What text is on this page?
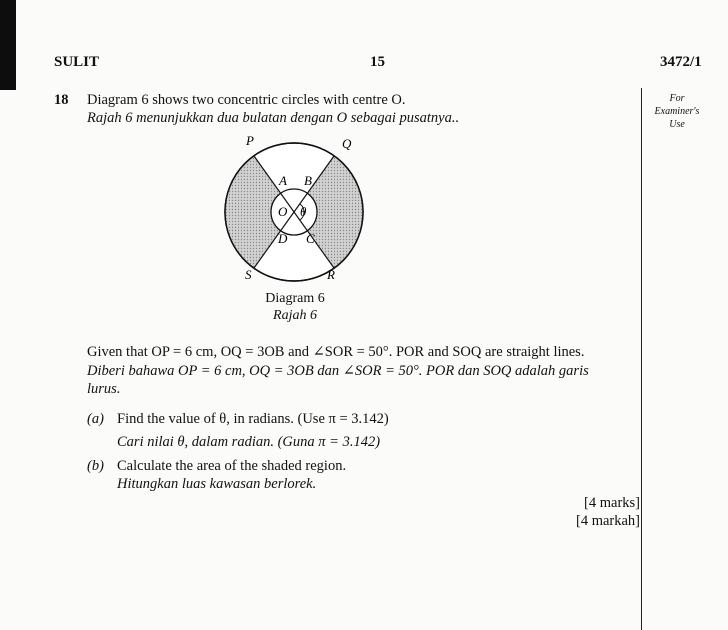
SULIT	15	3472/1
For
Examiner's
Use
18 Diagram 6 shows two concentric circles with centre O.
Rajah 6 menunjukkan dua bulatan dengan O sebagai pusatnya..
P	Q
R
S
A B
C
D
O θ
Diagram 6
Rajah 6
Given that OP = 6 cm, OQ = 3OB and ∠SOR = 50°. POR and SOQ are straight lines.
Diberi bahawa OP = 6 cm, OQ = 3OB dan ∠SOR = 50°. POR dan SOQ adalah garis
lurus.
(a) Find the value of θ, in radians. (Use π = 3.142)
Cari nilai θ, dalam radian. (Guna π = 3.142)
(b) Calculate the area of the shaded region.
Hitungkan luas kawasan berlorek.
[4 marks]
[4 markah]
